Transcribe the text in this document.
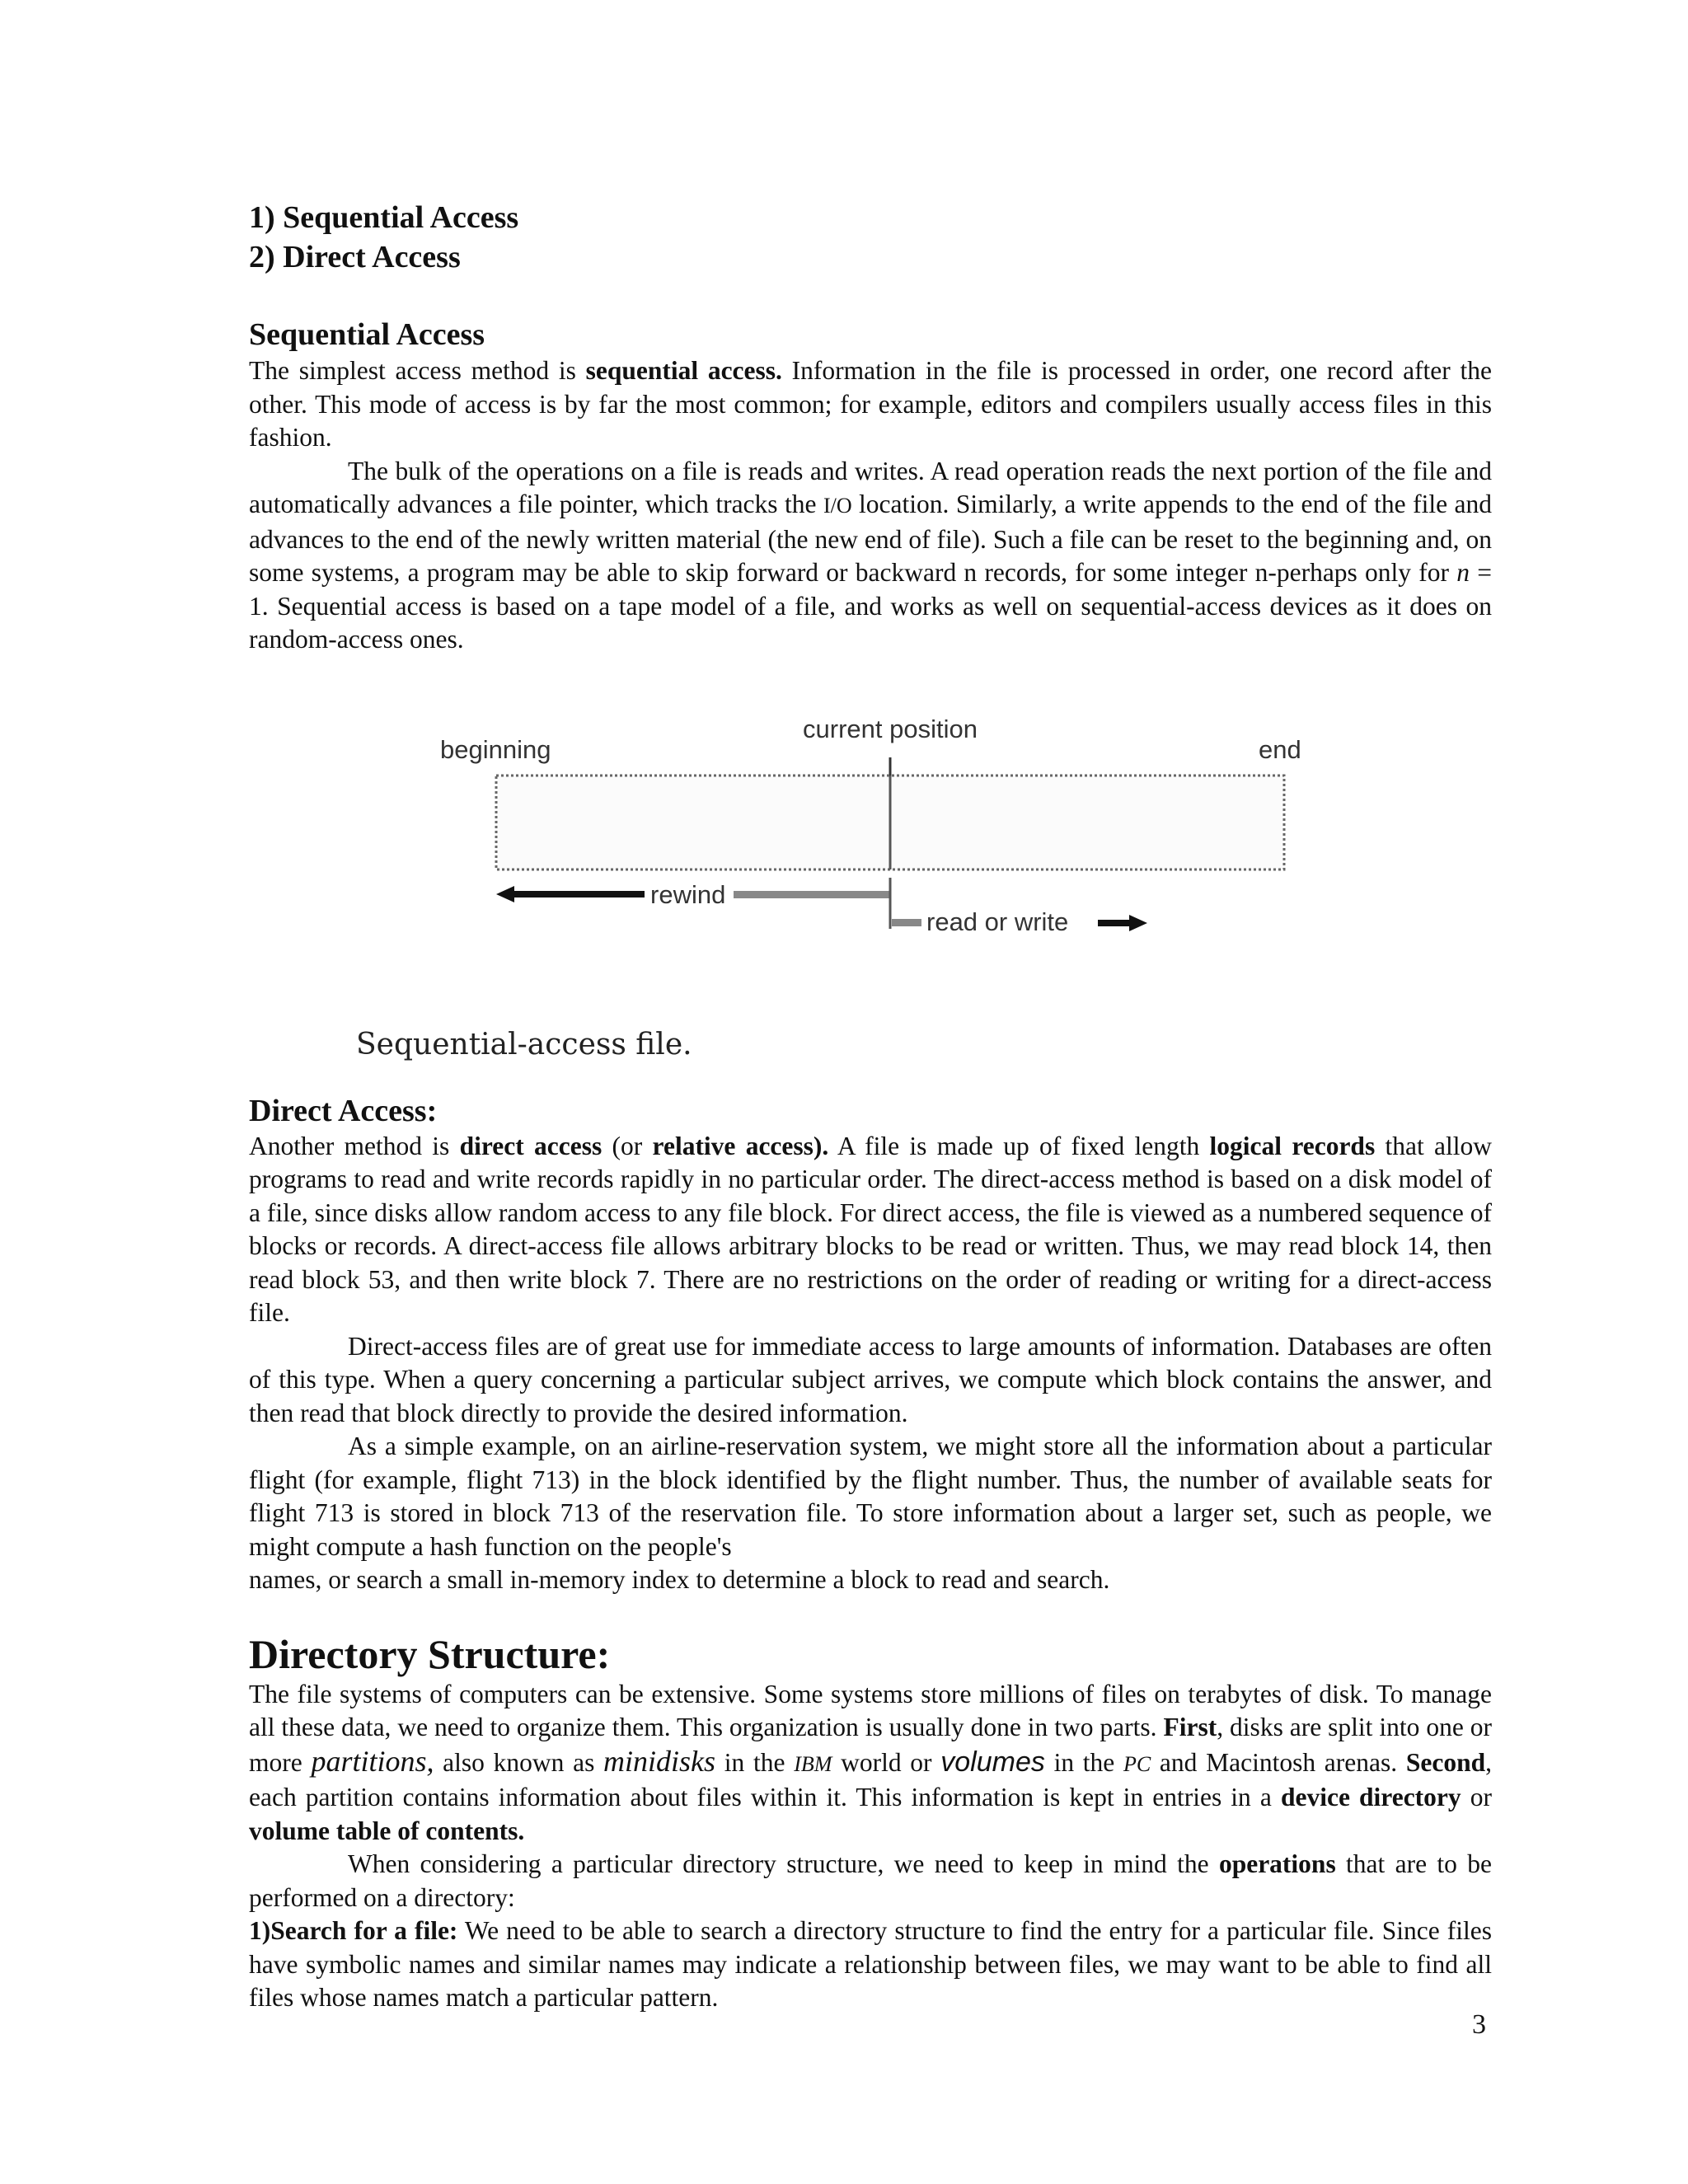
1) Sequential Access
2) Direct Access
Sequential Access

The simplest access method is sequential access. Information in the file is processed in order, one record after the other. This mode of access is by far the most common; for example, editors and compilers usually access files in this fashion.

The bulk of the operations on a file is reads and writes. A read operation reads the next portion of the file and automatically advances a file pointer, which tracks the I/O location. Similarly, a write appends to the end of the file and advances to the end of the newly written material (the new end of file). Such a file can be reset to the beginning and, on some systems, a program may be able to skip forward or backward n records, for some integer n-perhaps only for n = 1. Sequential access is based on a tape model of a file, and works as well on sequential-access devices as it does on random-access ones.

beginning
current position
end
rewind
read or write
Sequential-access file.
Direct Access:

Another method is direct access (or relative access). A file is made up of fixed length logical records that allow programs to read and write records rapidly in no particular order. The direct-access method is based on a disk model of a file, since disks allow random access to any file block. For direct access, the file is viewed as a numbered sequence of blocks or records. A direct-access file allows arbitrary blocks to be read or written. Thus, we may read block 14, then read block 53, and then write block 7. There are no restrictions on the order of reading or writing for a direct-access file.

Direct-access files are of great use for immediate access to large amounts of information. Databases are often of this type. When a query concerning a particular subject arrives, we compute which block contains the answer, and then read that block directly to provide the desired information.

As a simple example, on an airline-reservation system, we might store all the information about a particular flight (for example, flight 713) in the block identified by the flight number. Thus, the number of available seats for flight 713 is stored in block 713 of the reservation file. To store information about a larger set, such as people, we might compute a hash function on the people's

names, or search a small in-memory index to determine a block to read and search.

Directory Structure:

The file systems of computers can be extensive. Some systems store millions of files on terabytes of disk. To manage all these data, we need to organize them. This organization is usually done in two parts. First, disks are split into one or more partitions, also known as minidisks in the IBM world or volumes in the PC and Macintosh arenas. Second, each partition contains information about files within it. This information is kept in entries in a device directory or volume table of contents.

When considering a particular directory structure, we need to keep in mind the operations that are to be performed on a directory:

1)Search for a file: We need to be able to search a directory structure to find the entry for a particular file. Since files have symbolic names and similar names may indicate a relationship between files, we may want to be able to find all files whose names match a particular pattern.

3
